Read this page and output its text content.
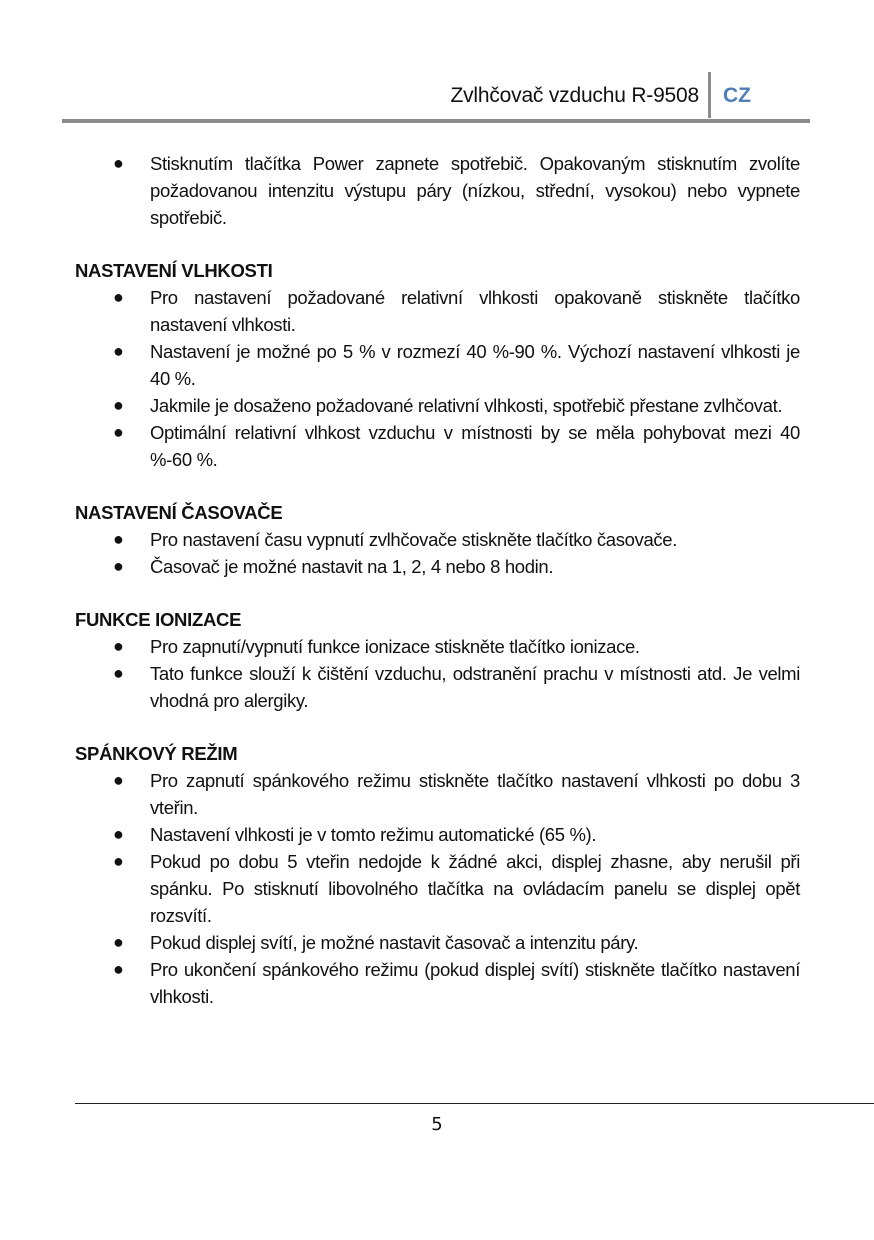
Zvlhčovač vzduchu R-9508 CZ
● Stisknutím tlačítka Power zapnete spotřebič. Opakovaným stisknutím zvolíte požadovanou intenzitu výstupu páry (nízkou, střední, vysokou) nebo vypnete spotřebič.
NASTAVENÍ VLHKOSTI
● Pro nastavení požadované relativní vlhkosti opakovaně stiskněte tlačítko nastavení vlhkosti.
● Nastavení je možné po 5 % v rozmezí 40 %-90 %. Výchozí nastavení vlhkosti je 40 %.
● Jakmile je dosaženo požadované relativní vlhkosti, spotřebič přestane zvlhčovat.
● Optimální relativní vlhkost vzduchu v místnosti by se měla pohybovat mezi 40 %-60 %.
NASTAVENÍ ČASOVAČE
● Pro nastavení času vypnutí zvlhčovače stiskněte tlačítko časovače.
● Časovač je možné nastavit na 1, 2, 4 nebo 8 hodin.
FUNKCE IONIZACE
● Pro zapnutí/vypnutí funkce ionizace stiskněte tlačítko ionizace.
● Tato funkce slouží k čištění vzduchu, odstranění prachu v místnosti atd. Je velmi vhodná pro alergiky.
SPÁNKOVÝ REŽIM
● Pro zapnutí spánkového režimu stiskněte tlačítko nastavení vlhkosti po dobu 3 vteřin.
● Nastavení vlhkosti je v tomto režimu automatické (65 %).
● Pokud po dobu 5 vteřin nedojde k žádné akci, displej zhasne, aby nerušil při spánku. Po stisknutí libovolného tlačítka na ovládacím panelu se displej opět rozsvítí.
● Pokud displej svítí, je možné nastavit časovač a intenzitu páry.
● Pro ukončení spánkového režimu (pokud displej svítí) stiskněte tlačítko nastavení vlhkosti.
5
